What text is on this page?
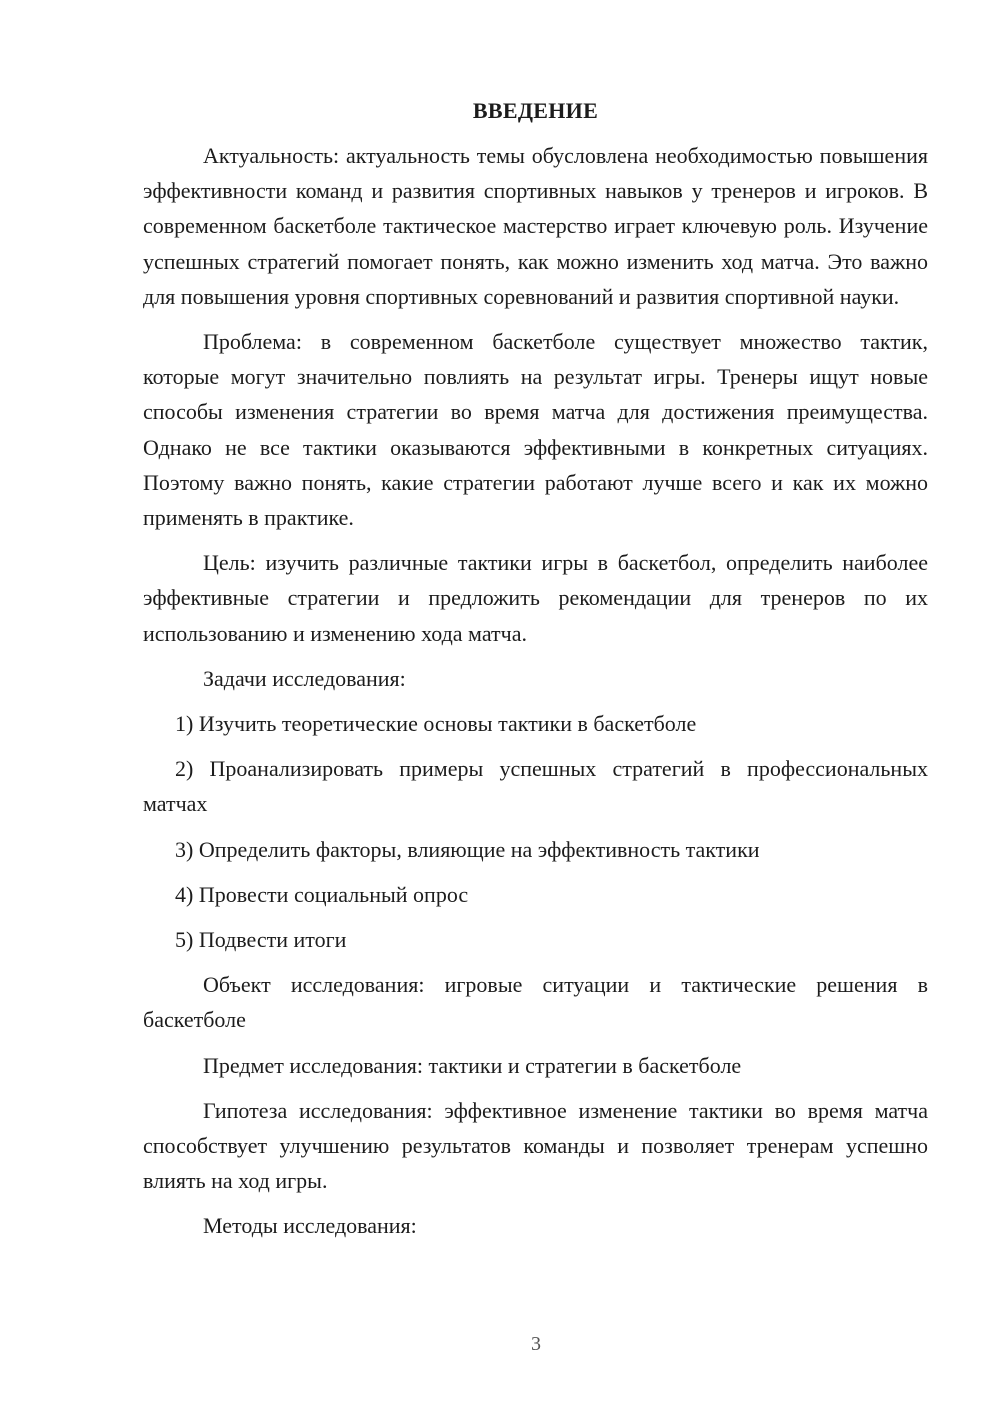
ВВЕДЕНИЕ

Актуальность: актуальность темы обусловлена необходимостью повышения эффективности команд и развития спортивных навыков у тренеров и игроков. В современном баскетболе тактическое мастерство играет ключевую роль. Изучение успешных стратегий помогает понять, как можно изменить ход матча. Это важно для повышения уровня спортивных соревнований и развития спортивной науки.

Проблема: в современном баскетболе существует множество тактик, которые могут значительно повлиять на результат игры. Тренеры ищут новые способы изменения стратегии во время матча для достижения преимущества. Однако не все тактики оказываются эффективными в конкретных ситуациях. Поэтому важно понять, какие стратегии работают лучше всего и как их можно применять в практике.

Цель: изучить различные тактики игры в баскетбол, определить наиболее эффективные стратегии и предложить рекомендации для тренеров по их использованию и изменению хода матча.

Задачи исследования:

1) Изучить теоретические основы тактики в баскетболе

2) Проанализировать примеры успешных стратегий в профессиональных матчах

3) Определить факторы, влияющие на эффективность тактики

4) Провести социальный опрос

5) Подвести итоги

Объект исследования: игровые ситуации и тактические решения в баскетболе

Предмет исследования: тактики и стратегии в баскетболе

Гипотеза исследования: эффективное изменение тактики во время матча способствует улучшению результатов команды и позволяет тренерам успешно влиять на ход игры.

Методы исследования:

3
